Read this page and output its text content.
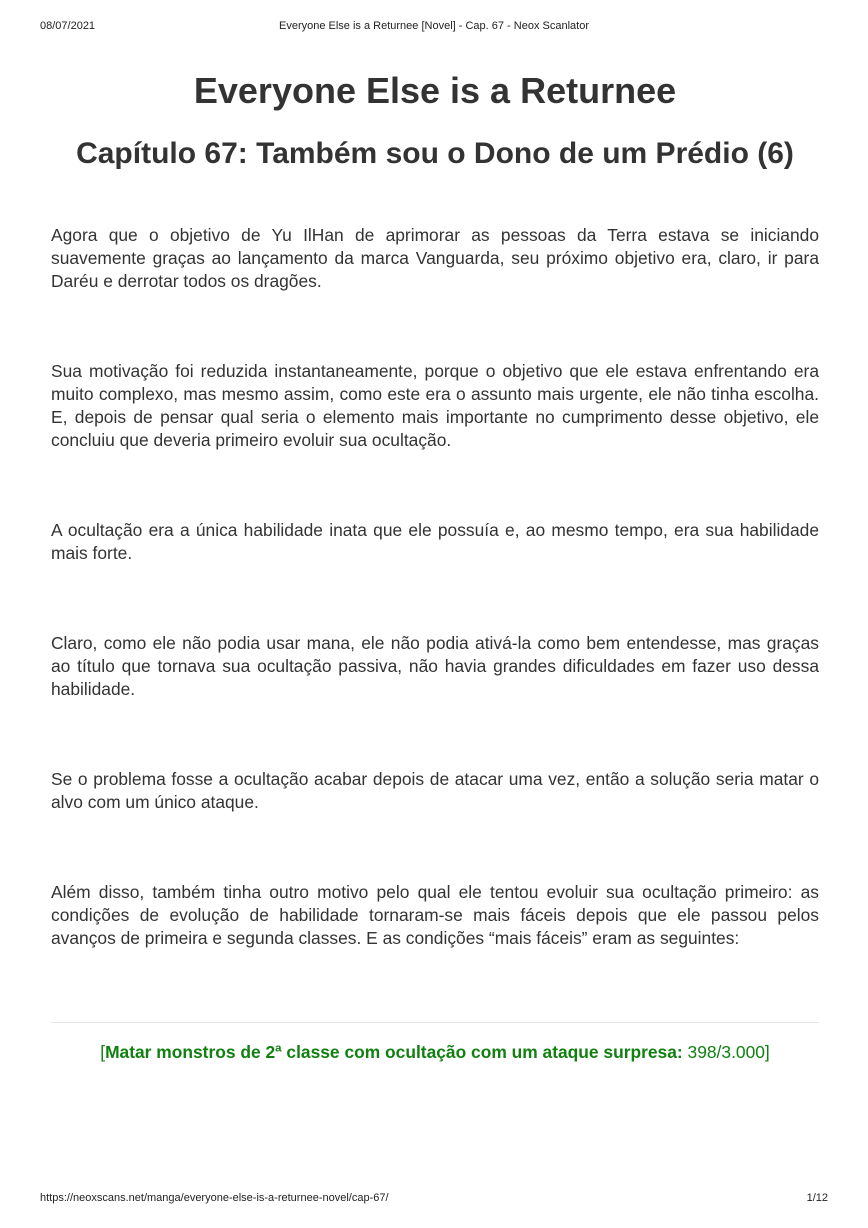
08/07/2021	Everyone Else is a Returnee [Novel] - Cap. 67 - Neox Scanlator
Everyone Else is a Returnee
Capítulo 67: Também sou o Dono de um Prédio (6)

Agora que o objetivo de Yu IlHan de aprimorar as pessoas da Terra estava se iniciando suavemente graças ao lançamento da marca Vanguarda, seu próximo objetivo era, claro, ir para Daréu e derrotar todos os dragões.

Sua motivação foi reduzida instantaneamente, porque o objetivo que ele estava enfrentando era muito complexo, mas mesmo assim, como este era o assunto mais urgente, ele não tinha escolha. E, depois de pensar qual seria o elemento mais importante no cumprimento desse objetivo, ele concluiu que deveria primeiro evoluir sua ocultação.

A ocultação era a única habilidade inata que ele possuía e, ao mesmo tempo, era sua habilidade mais forte.

Claro, como ele não podia usar mana, ele não podia ativá-la como bem entendesse, mas graças ao título que tornava sua ocultação passiva, não havia grandes dificuldades em fazer uso dessa habilidade.

Se o problema fosse a ocultação acabar depois de atacar uma vez, então a solução seria matar o alvo com um único ataque.

Além disso, também tinha outro motivo pelo qual ele tentou evoluir sua ocultação primeiro: as condições de evolução de habilidade tornaram-se mais fáceis depois que ele passou pelos avanços de primeira e segunda classes. E as condições “mais fáceis” eram as seguintes:

[Matar monstros de 2ª classe com ocultação com um ataque surpresa: 398/3.000]
https://neoxscans.net/manga/everyone-else-is-a-returnee-novel/cap-67/	1/12
